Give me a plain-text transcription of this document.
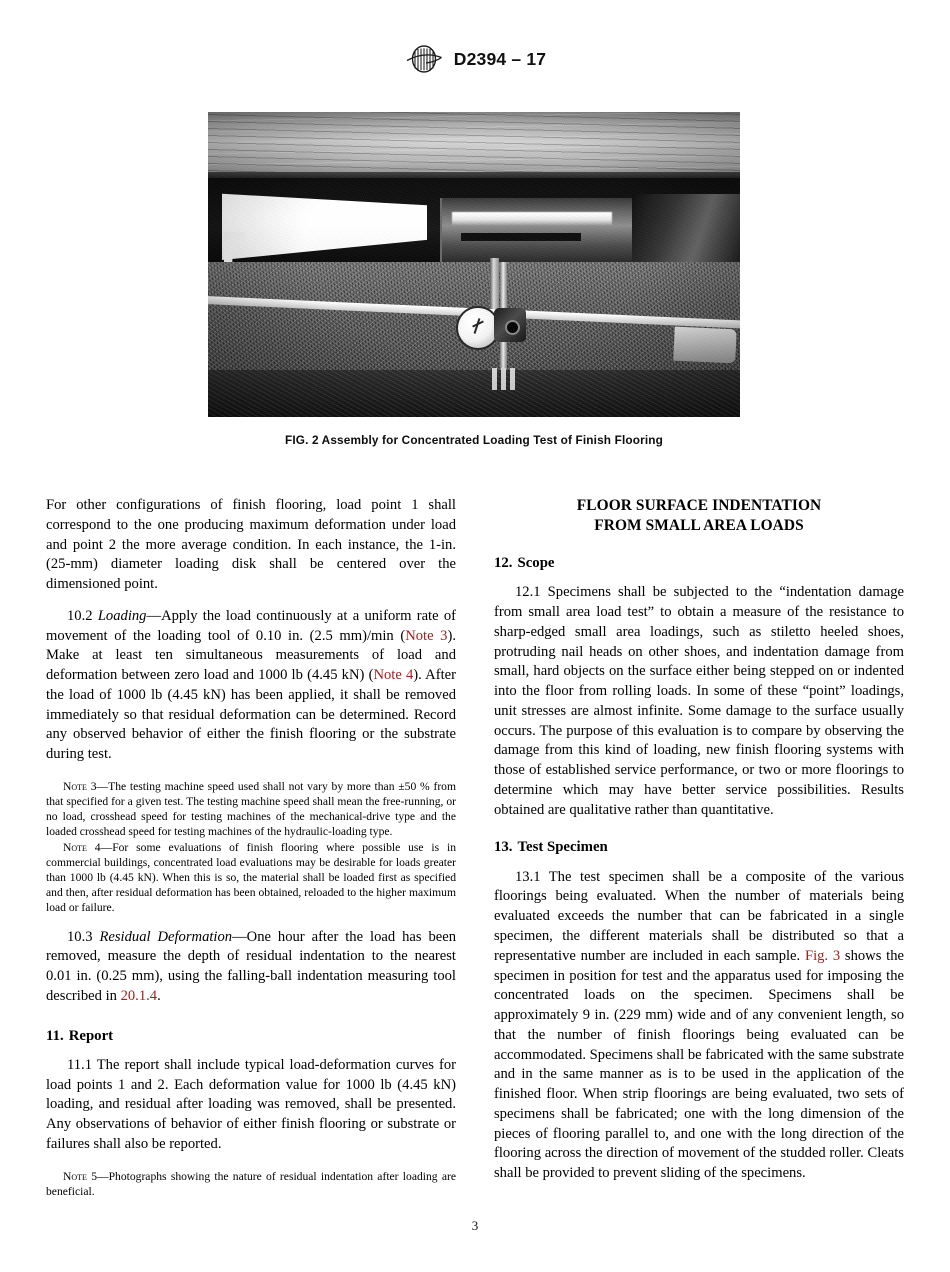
D2394 – 17
FIG. 2 Assembly for Concentrated Loading Test of Finish Flooring

For other configurations of finish flooring, load point 1 shall correspond to the one producing maximum deformation under load and point 2 the more average condition. In each instance, the 1-in. (25-mm) diameter loading disk shall be centered over the dimensioned point.

10.2 Loading—Apply the load continuously at a uniform rate of movement of the loading tool of 0.10 in. (2.5 mm)/min (Note 3). Make at least ten simultaneous measurements of load and deformation between zero load and 1000 lb (4.45 kN) (Note 4). After the load of 1000 lb (4.45 kN) has been applied, it shall be removed immediately so that residual deformation can be determined. Record any observed behavior of either the finish flooring or the substrate during test.

Note 3—The testing machine speed used shall not vary by more than ±50 % from that specified for a given test. The testing machine speed shall mean the free-running, or no load, crosshead speed for testing machines of the mechanical-drive type and the loaded crosshead speed for testing machines of the hydraulic-loading type.

Note 4—For some evaluations of finish flooring where possible use is in commercial buildings, concentrated load evaluations may be desirable for loads greater than 1000 lb (4.45 kN). When this is so, the material shall be loaded first as specified and then, after residual deformation has been obtained, reloaded to the higher maximum load or failure.

10.3 Residual Deformation—One hour after the load has been removed, measure the depth of residual indentation to the nearest 0.01 in. (0.25 mm), using the falling-ball indentation measuring tool described in 20.1.4.

11. Report

11.1 The report shall include typical load-deformation curves for load points 1 and 2. Each deformation value for 1000 lb (4.45 kN) loading, and residual after loading was removed, shall be presented. Any observations of behavior of either finish flooring or substrate or failures shall also be reported.

Note 5—Photographs showing the nature of residual indentation after loading are beneficial.

FLOOR SURFACE INDENTATION

FROM SMALL AREA LOADS

12. Scope

12.1 Specimens shall be subjected to the “indentation damage from small area load test” to obtain a measure of the resistance to sharp-edged small area loadings, such as stiletto heeled shoes, protruding nail heads on other shoes, and indentation damage from small, hard objects on the surface either being stepped on or indented into the floor from rolling loads. In some of these “point” loadings, unit stresses are almost infinite. Some damage to the surface usually occurs. The purpose of this evaluation is to compare by observing the damage from this kind of loading, new finish flooring systems with those of established service performance, or two or more floorings to determine which may have better service possibilities. Results obtained are qualitative rather than quantitative.

13. Test Specimen

13.1 The test specimen shall be a composite of the various floorings being evaluated. When the number of materials being evaluated exceeds the number that can be fabricated in a single specimen, the different materials shall be distributed so that a representative number are included in each sample. Fig. 3 shows the specimen in position for test and the apparatus used for imposing the concentrated loads on the specimen. Specimens shall be approximately 9 in. (229 mm) wide and of any convenient length, so that the number of finish floorings being evaluated can be accommodated. Specimens shall be fabricated with the same substrate and in the same manner as is to be used in the application of the finished floor. When strip floorings are being evaluated, two sets of specimens shall be fabricated; one with the long dimension of the pieces of flooring parallel to, and one with the long direction of the flooring across the direction of movement of the studded roller. Cleats shall be provided to prevent sliding of the specimens.

3
